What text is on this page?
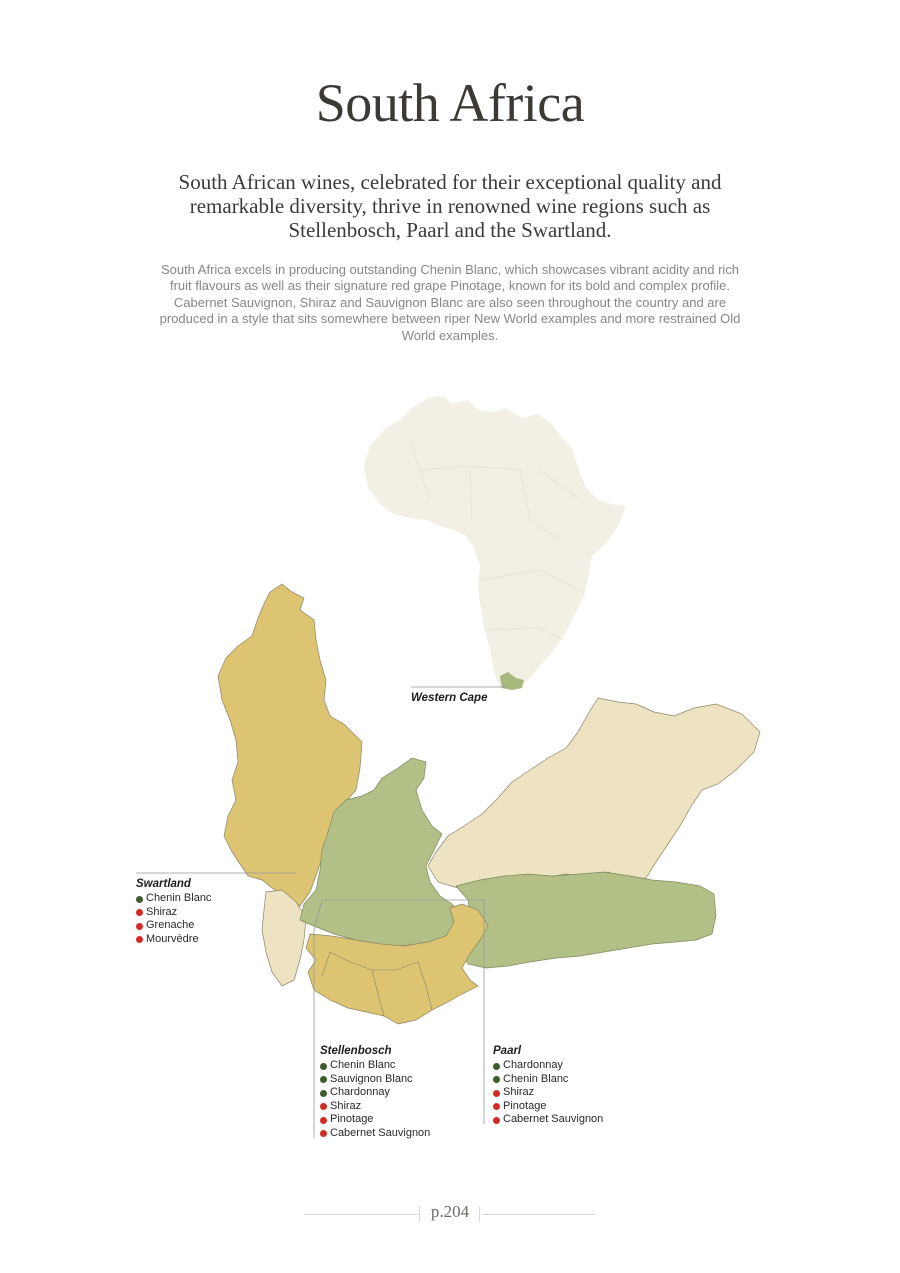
South Africa

South African wines, celebrated for their exceptional quality and remarkable diversity, thrive in renowned wine regions such as Stellenbosch, Paarl and the Swartland.

South Africa excels in producing outstanding Chenin Blanc, which showcases vibrant acidity and rich fruit flavours as well as their signature red grape Pinotage, known for its bold and complex profile. Cabernet Sauvignon, Shiraz and Sauvignon Blanc are also seen throughout the country and are produced in a style that sits somewhere between riper New World examples and more restrained Old World examples.

Western Cape
Swartland
Chenin Blanc
Shiraz
Grenache
Mourvèdre
Stellenbosch
Chenin Blanc
Sauvignon Blanc
Chardonnay
Shiraz
Pinotage
Cabernet Sauvignon
Paarl
Chardonnay
Chenin Blanc
Shiraz
Pinotage
Cabernet Sauvignon
p.204
